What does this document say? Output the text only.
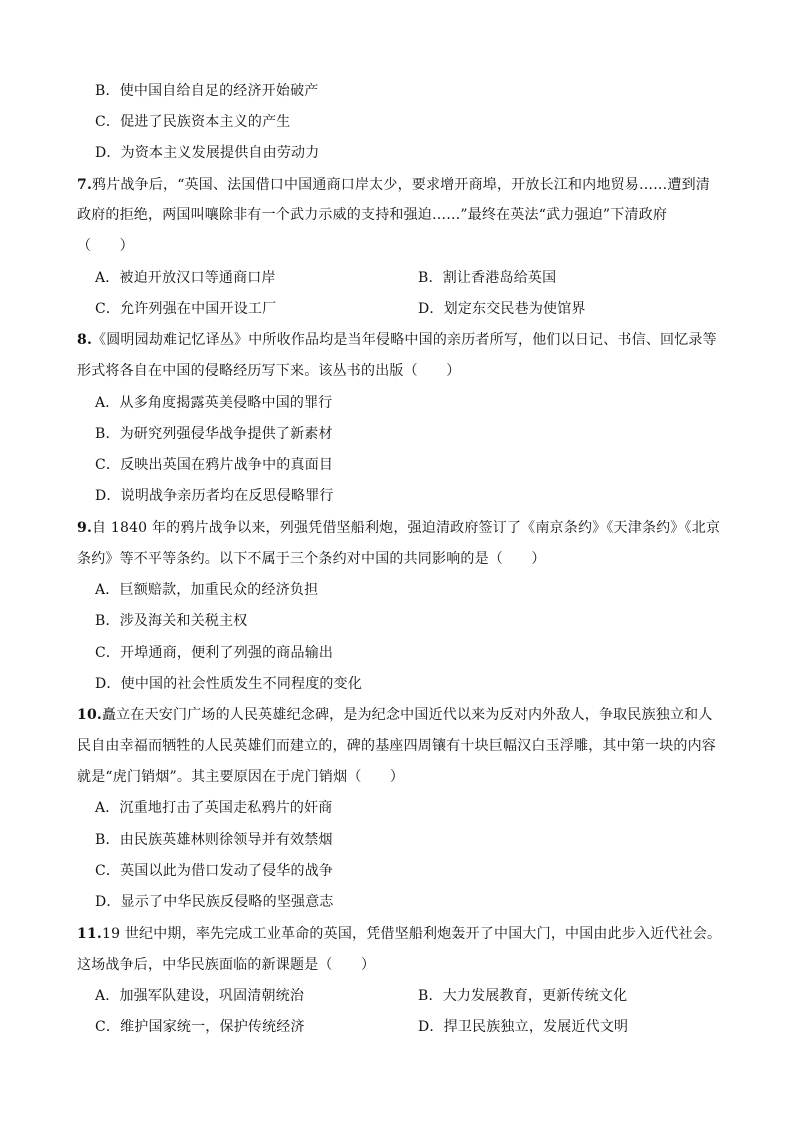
B．使中国自给自足的经济开始破产
C．促进了民族资本主义的产生
D．为资本主义发展提供自由劳动力
7.鸦片战争后，“英国、法国借口中国通商口岸太少，要求增开商埠，开放长江和内地贸易……遭到清
政府的拒绝，两国叫嚷除非有一个武力示威的支持和强迫……”最终在英法“武力强迫”下清政府
（　　）
A．被迫开放汉口等通商口岸	B．割让香港岛给英国
C．允许列强在中国开设工厂	D．划定东交民巷为使馆界
8.《圆明园劫难记忆译丛》中所收作品均是当年侵略中国的亲历者所写，他们以日记、书信、回忆录等
形式将各自在中国的侵略经历写下来。该丛书的出版（　　）
A．从多角度揭露英美侵略中国的罪行
B．为研究列强侵华战争提供了新素材
C．反映出英国在鸦片战争中的真面目
D．说明战争亲历者均在反思侵略罪行
9.自 1840 年的鸦片战争以来，列强凭借坚船利炮，强迫清政府签订了《南京条约》《天津条约》《北京
条约》等不平等条约。以下不属于三个条约对中国的共同影响的是（　　）
A．巨额赔款，加重民众的经济负担
B．涉及海关和关税主权
C．开埠通商，便利了列强的商品输出
D．使中国的社会性质发生不同程度的变化
10.矗立在天安门广场的人民英雄纪念碑，是为纪念中国近代以来为反对内外敌人，争取民族独立和人
民自由幸福而牺牲的人民英雄们而建立的，碑的基座四周镶有十块巨幅汉白玉浮雕，其中第一块的内容
就是“虎门销烟”。其主要原因在于虎门销烟（　　）
A．沉重地打击了英国走私鸦片的奸商
B．由民族英雄林则徐领导并有效禁烟
C．英国以此为借口发动了侵华的战争
D．显示了中华民族反侵略的坚强意志
11.19 世纪中期，率先完成工业革命的英国，凭借坚船利炮轰开了中国大门，中国由此步入近代社会。
这场战争后，中华民族面临的新课题是（　　）
A．加强军队建设，巩固清朝统治	B．大力发展教育，更新传统文化
C．维护国家统一，保护传统经济	D．捍卫民族独立，发展近代文明
